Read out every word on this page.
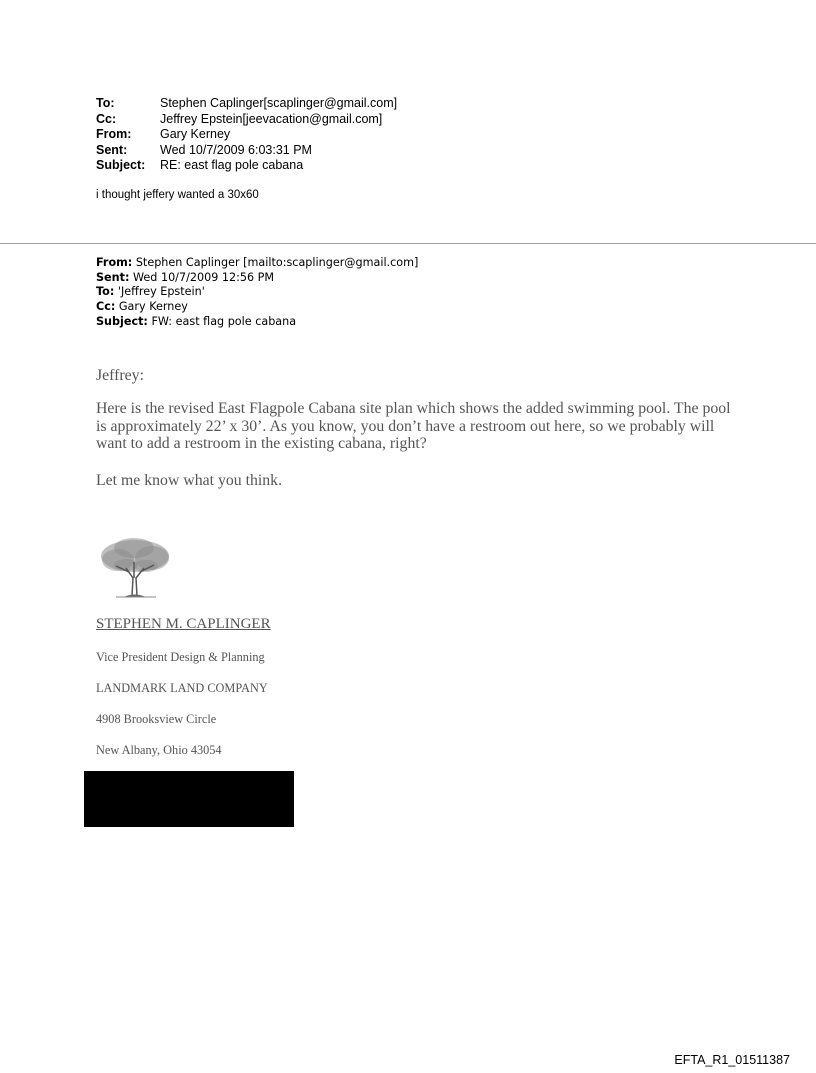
To:	Stephen Caplinger[scaplinger@gmail.com]
Cc:	Jeffrey Epstein[jeevacation@gmail.com]
From:	Gary Kerney
Sent:	Wed 10/7/2009 6:03:31 PM
Subject:	RE: east flag pole cabana
i thought jeffery wanted a 30x60
From: Stephen Caplinger [mailto:scaplinger@gmail.com]
Sent: Wed 10/7/2009 12:56 PM
To: 'Jeffrey Epstein'
Cc: Gary Kerney
Subject: FW: east flag pole cabana
Jeffrey:
Here is the revised East Flagpole Cabana site plan which shows the added swimming pool. The pool is approximately 22’ x 30’. As you know, you don’t have a restroom out here, so we probably will want to add a restroom in the existing cabana, right?
Let me know what you think.
STEPHEN M. CAPLINGER
Vice President Design & Planning
LANDMARK LAND COMPANY
4908 Brooksview Circle
New Albany, Ohio 43054
EFTA_R1_01511387
